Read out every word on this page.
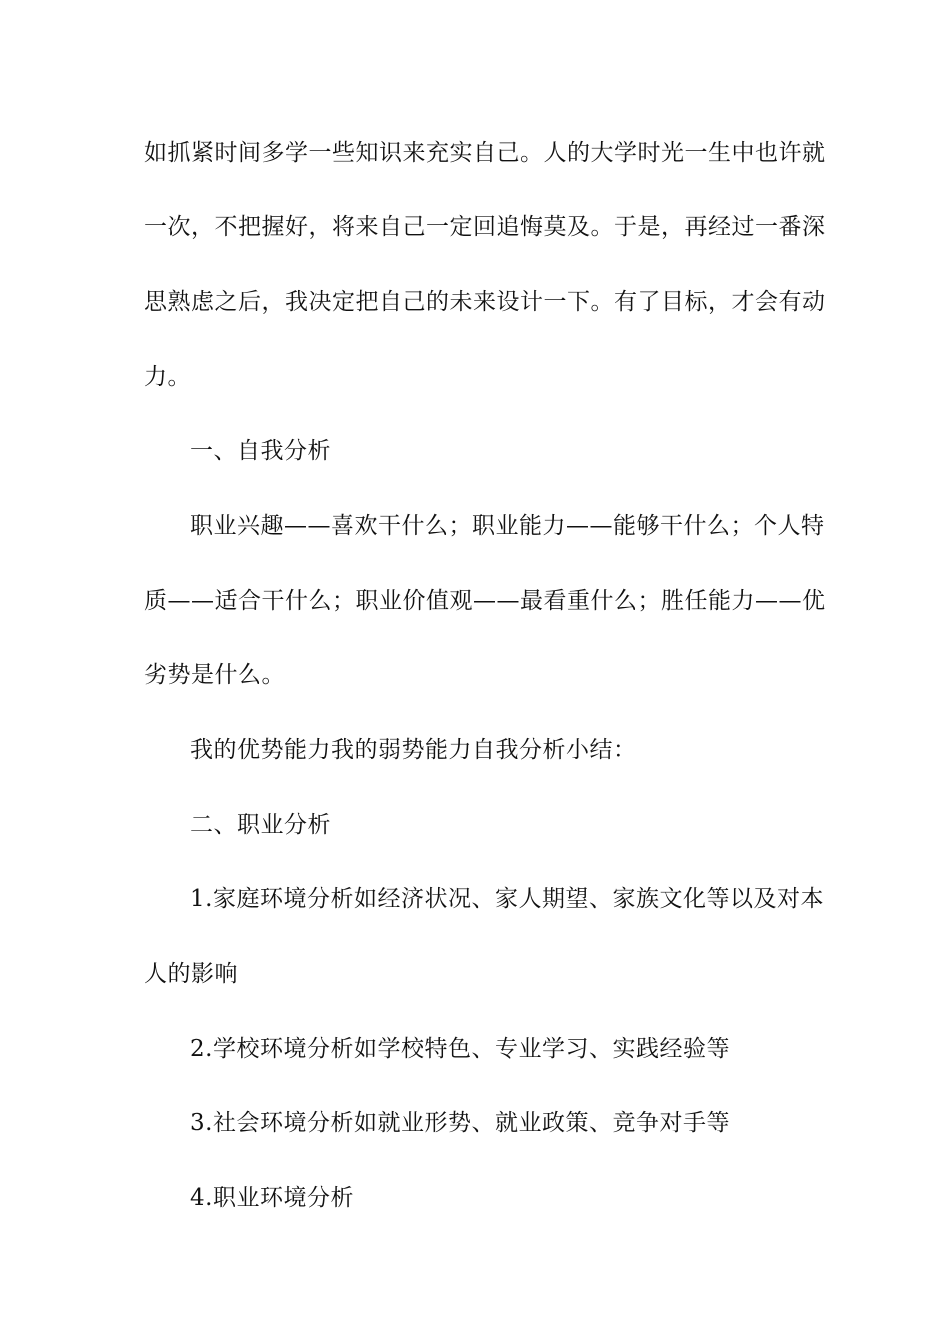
如抓紧时间多学一些知识来充实自己。人的大学时光一生中也许就
一次，不把握好，将来自己一定回追悔莫及。于是，再经过一番深
思熟虑之后，我决定把自己的未来设计一下。有了目标，才会有动
力。
一、自我分析
职业兴趣——喜欢干什么；职业能力——能够干什么；个人特
质——适合干什么；职业价值观——最看重什么；胜任能力——优
劣势是什么。
我的优势能力我的弱势能力自我分析小结：
二、职业分析
1.家庭环境分析如经济状况、家人期望、家族文化等以及对本
人的影响
2.学校环境分析如学校特色、专业学习、实践经验等
3.社会环境分析如就业形势、就业政策、竞争对手等
4.职业环境分析
